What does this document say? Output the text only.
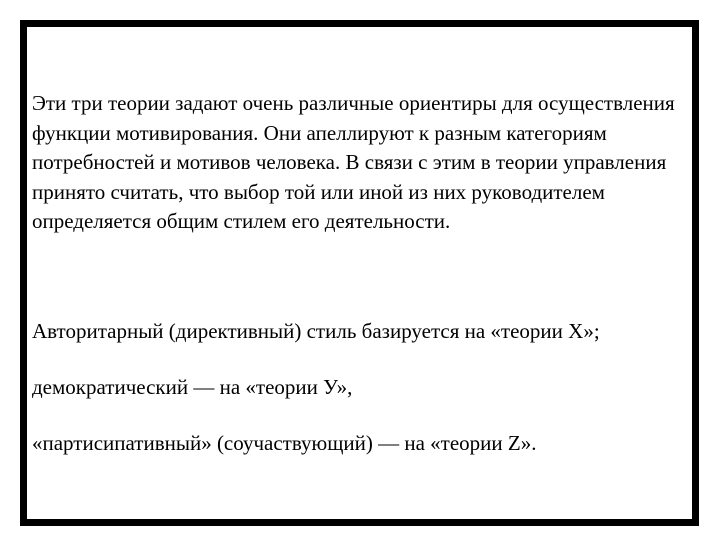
Эти три теории задают очень различные ориентиры для осуществления функции мотивирования. Они апеллируют к разным категориям потребностей и мотивов человека. В связи с этим в теории управления принято считать, что выбор той или иной из них руководителем определяется общим стилем его деятельности.

Авторитарный (директивный) стиль базируется на «теории X»;

демократический — на «теории У»,

«партисипативный» (соучаствующий) — на «теории Z».
